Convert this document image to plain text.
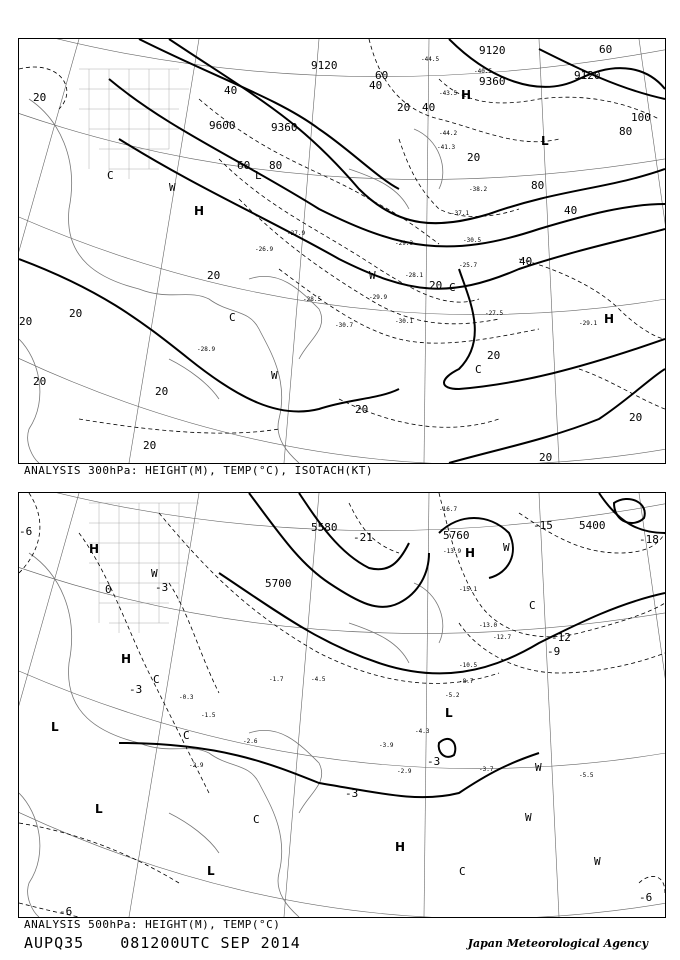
9120
9360
9600
9120
9360
9120
20
40
60 80
100
40
60
80
20 40
60
80
40
20
20
20
20
40
20
20
20
20
20
20
20
20
H
L
C
H
W
H
C
W
C
W
C
L
-44.5
-40.5
-43.5
-44.2
-41.3
-38.2
-37.1
-30.5
-29.3
-28.1
-25.7
-26.9
-27.9
-28.5
-30.7
-28.9
-29.9
-29.1
-30.1
-27.5
ANALYSIS 300hPa: HEIGHT(M), TEMP(°C), ISOTACH(KT)
5580
5760
5700
5400
-21
-15
-18
-12
-9
-6
-3
-3
0	-3
-3
-6
-6
-16.7
-13.9
-15.1
-13.0
-12.7
-10.5
-8.7
-5.2
-4.3
-3.9
-2.9	-3.7
-5.5
-1.7	-4.5
-2.6
-0.3
-2.9
-1.5
H
H
L
L
L
H
C
C
C
C
C
W
W
W
W
W
L
H
ANALYSIS 500hPa: HEIGHT(M), TEMP(°C)
AUPQ35 081200UTC SEP 2014	Japan Meteorological Agency
